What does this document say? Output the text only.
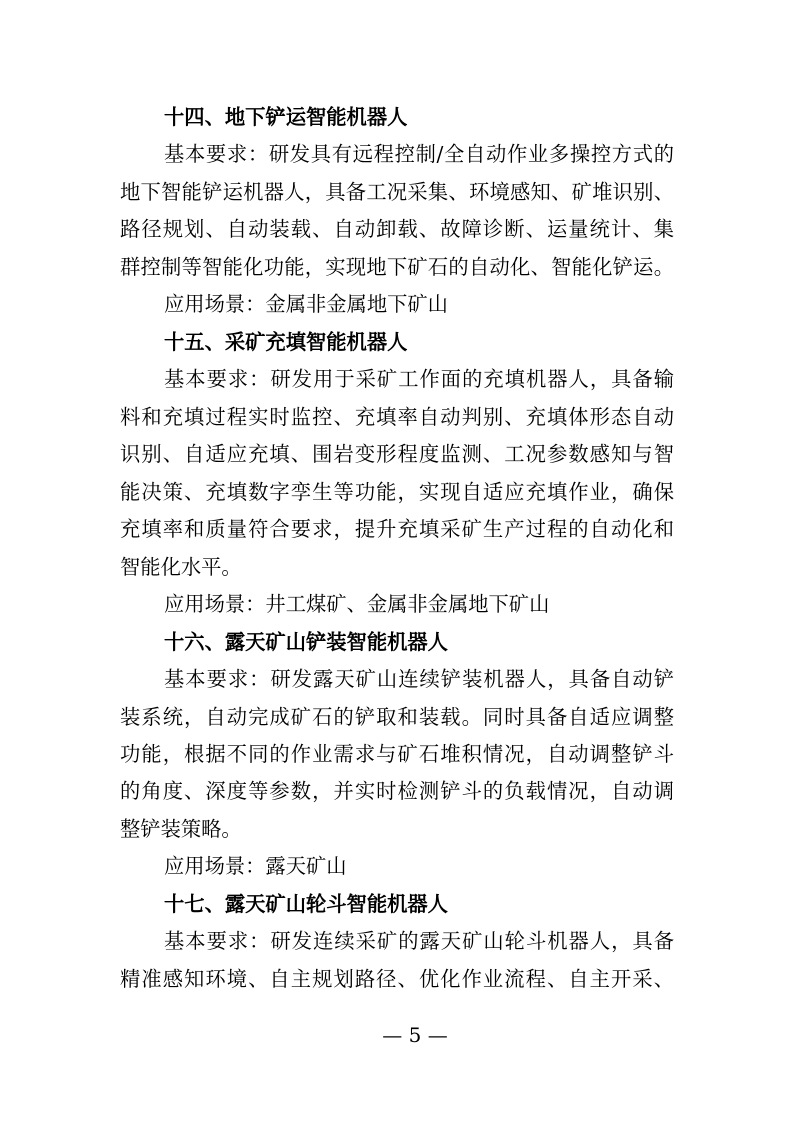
十四、地下铲运智能机器人
基本要求：研发具有远程控制/全自动作业多操控方式的
地下智能铲运机器人，具备工况采集、环境感知、矿堆识别、
路径规划、自动装载、自动卸载、故障诊断、运量统计、集
群控制等智能化功能，实现地下矿石的自动化、智能化铲运。
应用场景：金属非金属地下矿山
十五、采矿充填智能机器人
基本要求：研发用于采矿工作面的充填机器人，具备输
料和充填过程实时监控、充填率自动判别、充填体形态自动
识别、自适应充填、围岩变形程度监测、工况参数感知与智
能决策、充填数字孪生等功能，实现自适应充填作业，确保
充填率和质量符合要求，提升充填采矿生产过程的自动化和
智能化水平。
应用场景：井工煤矿、金属非金属地下矿山
十六、露天矿山铲装智能机器人
基本要求：研发露天矿山连续铲装机器人，具备自动铲
装系统，自动完成矿石的铲取和装载。同时具备自适应调整
功能，根据不同的作业需求与矿石堆积情况，自动调整铲斗
的角度、深度等参数，并实时检测铲斗的负载情况，自动调
整铲装策略。
应用场景：露天矿山
十七、露天矿山轮斗智能机器人
基本要求：研发连续采矿的露天矿山轮斗机器人，具备
精准感知环境、自主规划路径、优化作业流程、自主开采、
— 5 —
